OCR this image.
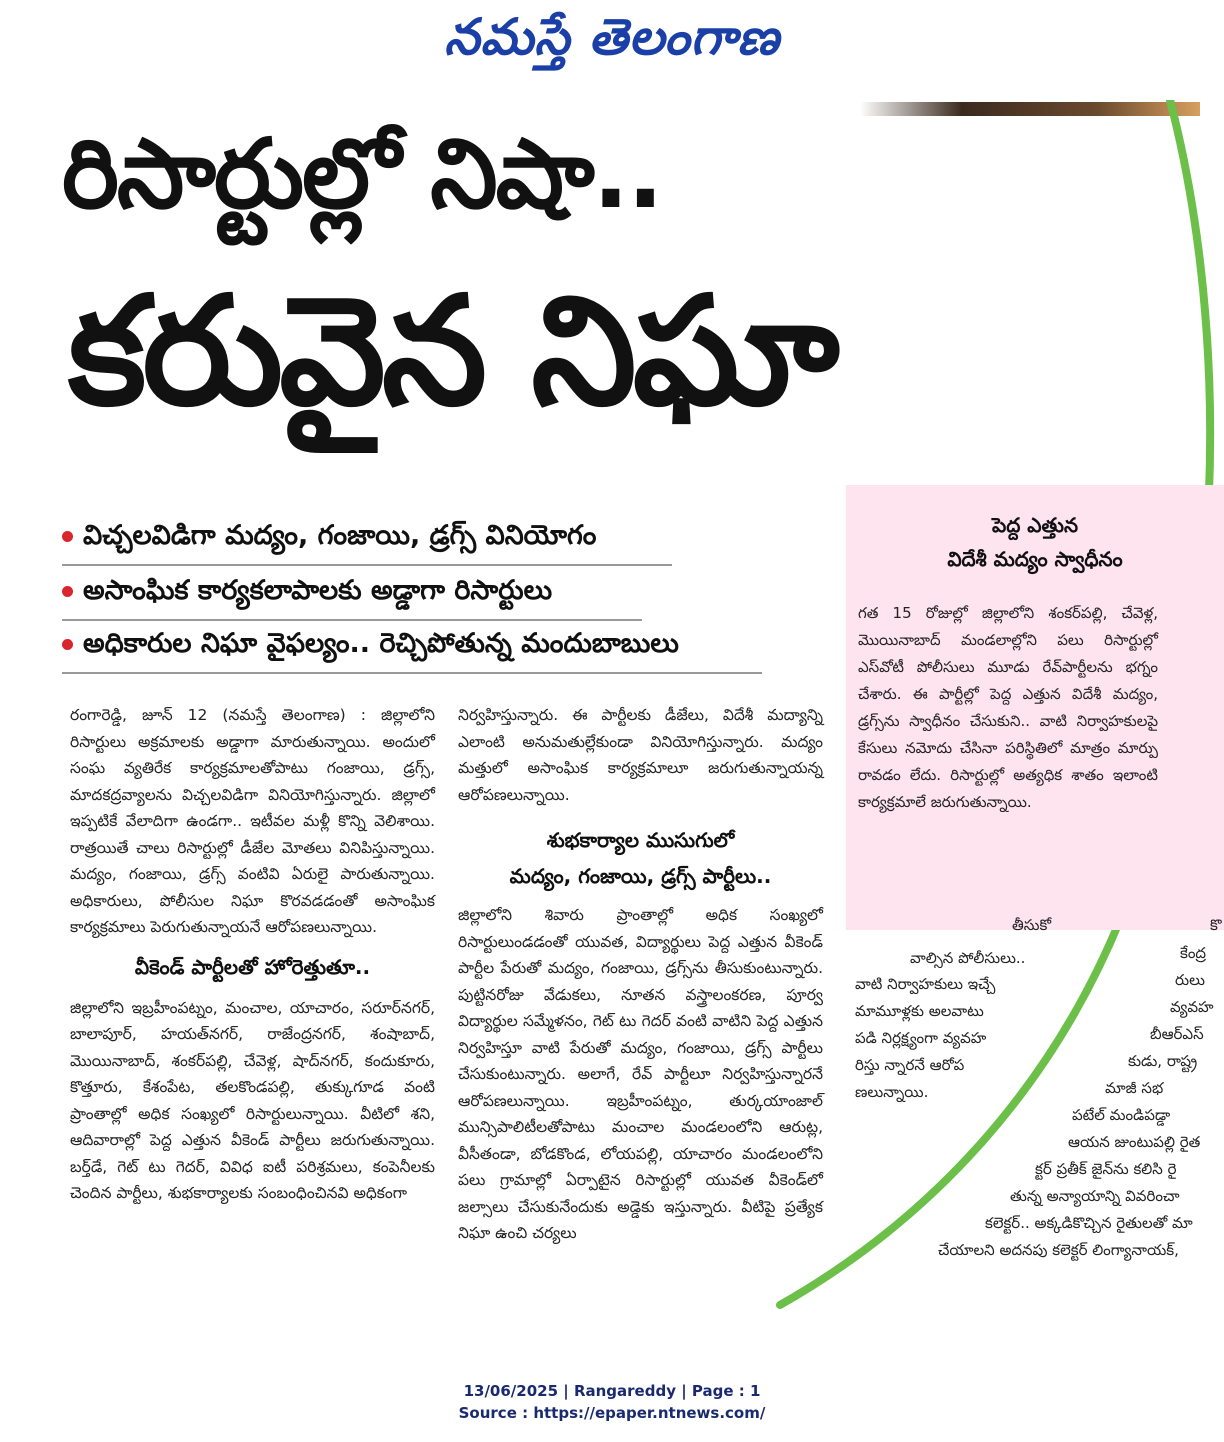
నమస్తే తెలంగాణ
రిసార్టుల్లో నిషా..
కరువైన నిఘా
విచ్చలవిడిగా మద్యం, గంజాయి, డ్రగ్స్ వినియోగం
అసాంఘిక కార్యకలాపాలకు అడ్డాగా రిసార్టులు
అధికారుల నిఘా వైఫల్యం.. రెచ్చిపోతున్న మందుబాబులు

రంగారెడ్డి, జూన్ 12 (నమస్తే తెలంగాణ) : జిల్లాలోని రిసార్టులు అక్రమాలకు అడ్డాగా మారుతున్నాయి. అందులో సంఘ వ్యతిరేక కార్యక్రమాలతోపాటు గంజాయి, డ్రగ్స్, మాదకద్రవ్యాలను విచ్చలవిడిగా వినియోగిస్తున్నారు. జిల్లాలో ఇప్పటికే వేలాదిగా ఉండగా.. ఇటీవల మళ్లీ కొన్ని వెలిశాయి. రాత్రయితే చాలు రిసార్టుల్లో డీజేల మోతలు వినిపిస్తున్నాయి. మద్యం, గంజాయి, డ్రగ్స్ వంటివి ఏరులై పారుతున్నాయి. అధికారులు, పోలీసుల నిఘా కొరవడడంతో అసాంఘిక కార్యక్రమాలు పెరుగుతున్నాయనే ఆరోపణలున్నాయి.

వీకెండ్ పార్టీలతో హోరెత్తుతూ..

జిల్లాలోని ఇబ్రహీంపట్నం, మంచాల, యాచారం, సరూర్‌నగర్, బాలాపూర్, హయత్‌నగర్, రాజేంద్రనగర్, శంషాబాద్, మొయినాబాద్, శంకర్‌పల్లి, చేవెళ్ల, షాద్‌నగర్, కందుకూరు, కొత్తూరు, కేశంపేట, తలకొండపల్లి, తుక్కుగూడ వంటి ప్రాంతాల్లో అధిక సంఖ్యలో రిసార్టులున్నాయి. వీటిలో శని, ఆదివారాల్లో పెద్ద ఎత్తున వీకెండ్ పార్టీలు జరుగుతున్నాయి. బర్త్‌డే, గెట్ టు గెదర్, వివిధ ఐటీ పరిశ్రమలు, కంపెనీలకు చెందిన పార్టీలు, శుభకార్యాలకు సంబంధించినవి అధికంగా

నిర్వహిస్తున్నారు. ఈ పార్టీలకు డీజేలు, విదేశీ మద్యాన్ని ఎలాంటి అనుమతుల్లేకుండా వినియోగిస్తున్నారు. మద్యం మత్తులో అసాంఘిక కార్యక్రమాలూ జరుగుతున్నాయన్న ఆరోపణలున్నాయి.

శుభకార్యాల ముసుగులో
మద్యం, గంజాయి, డ్రగ్స్ పార్టీలు..

జిల్లాలోని శివారు ప్రాంతాల్లో అధిక సంఖ్యలో రిసార్టులుండడంతో యువత, విద్యార్థులు పెద్ద ఎత్తున వీకెండ్ పార్టీల పేరుతో మద్యం, గంజాయి, డ్రగ్స్‌ను తీసుకుంటున్నారు. పుట్టినరోజు వేడుకలు, నూతన వస్త్రాలంకరణ, పూర్వ విద్యార్థుల సమ్మేళనం, గెట్ టు గెదర్ వంటి వాటిని పెద్ద ఎత్తున నిర్వహిస్తూ వాటి పేరుతో మద్యం, గంజాయి, డ్రగ్స్ పార్టీలు చేసుకుంటున్నారు. అలాగే, రేవ్ పార్టీలూ నిర్వహిస్తున్నారనే ఆరోపణలున్నాయి. ఇబ్రహీంపట్నం, తుర్కయాంజాల్ మున్సిపాలిటీలతోపాటు మంచాల మండలంలోని ఆరుట్ల, వీసీతండా, బోడకొండ, లోయపల్లి, యాచారం మండలంలోని పలు గ్రామాల్లో ఏర్పాటైన రిసార్టుల్లో యువత వీకెండ్‌లో జల్సాలు చేసుకునేందుకు అడ్డెకు ఇస్తున్నారు. వీటిపై ప్రత్యేక నిఘా ఉంచి చర్యలు

పెద్ద ఎత్తున
విదేశీ మద్యం స్వాధీనం
గత 15 రోజుల్లో జిల్లాలోని శంకర్‌పల్లి, చేవెళ్ల, మొయినాబాద్ మండలాల్లోని పలు రిసార్టుల్లో ఎస్‌వోటీ పోలీసులు మూడు రేవ్‌పార్టీలను భగ్నం చేశారు. ఈ పార్టీల్లో పెద్ద ఎత్తున విదేశీ మద్యం, డ్రగ్స్‌ను స్వాధీనం చేసుకుని.. వాటి నిర్వాహకులపై కేసులు నమోదు చేసినా పరిస్థితిలో మాత్రం మార్పు రావడం లేదు. రిసార్టుల్లో అత్యధిక శాతం ఇలాంటి కార్యక్రమాలే జరుగుతున్నాయి.
తీసుకో
వాల్సిన పోలీసులు..
వాటి నిర్వాహకులు ఇచ్చే
మామూళ్లకు అలవాటు
పడి నిర్లక్ష్యంగా వ్యవహ
రిస్తు న్నారనే ఆరోప
ణలున్నాయి.
కొ
కేంద్ర
రులు
వ్యవహ
బీఆర్ఎస్
కుడు, రాష్ట్ర
మాజీ సభ
పటేల్ మండిపడ్డా
ఆయన జుంటుపల్లి రైత
క్టర్ ప్రతీక్ జైన్‌ను కలిసి రై
తున్న అన్యాయాన్ని వివరించా
కలెక్టర్.. అక్కడికొచ్చిన రైతులతో మా
చేయాలని అదనపు కలెక్టర్ లింగ్యానాయక్,
13/06/2025 | Rangareddy | Page : 1
Source : https://epaper.ntnews.com/
